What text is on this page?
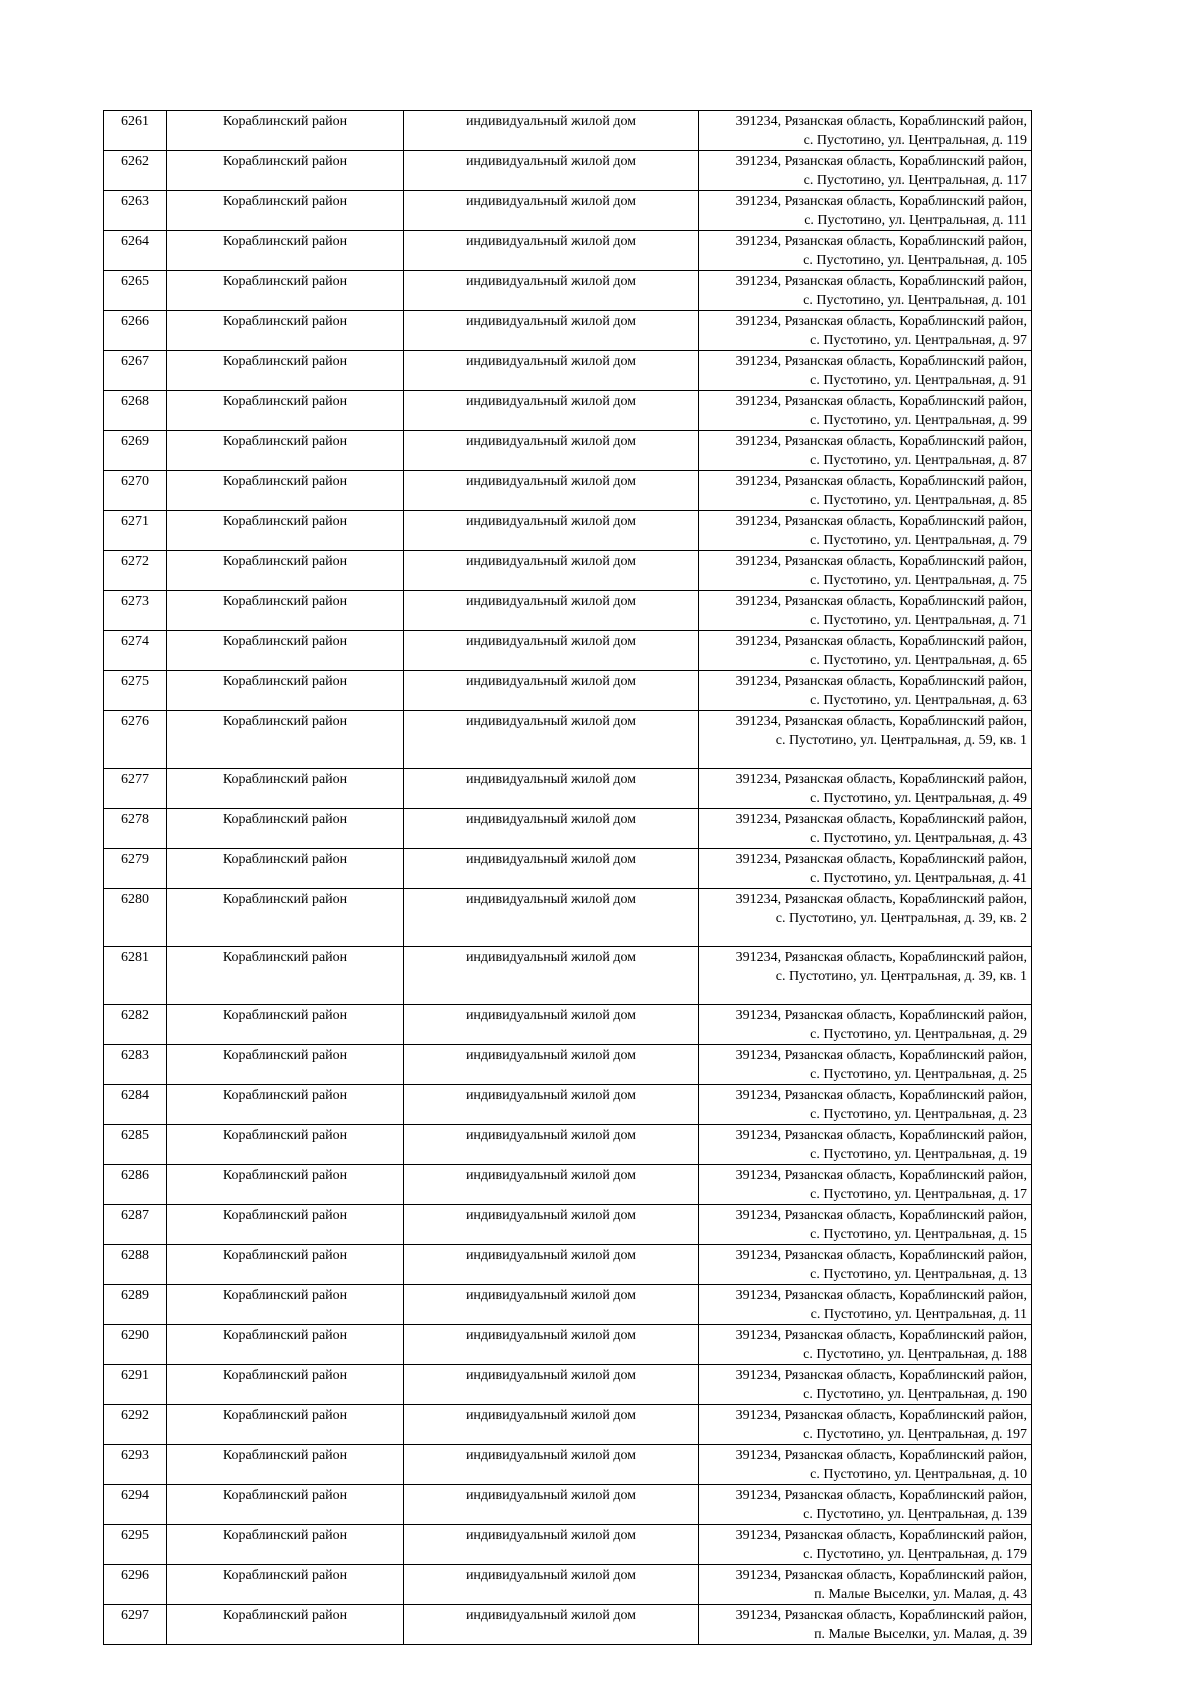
6261	Кораблинский район	индивидуальный жилой дом	391234, Рязанская область, Кораблинский район,
с. Пустотино, ул. Центральная, д. 119

6262	Кораблинский район	индивидуальный жилой дом	391234, Рязанская область, Кораблинский район,
с. Пустотино, ул. Центральная, д. 117

6263	Кораблинский район	индивидуальный жилой дом	391234, Рязанская область, Кораблинский район,
с. Пустотино, ул. Центральная, д. 111

6264	Кораблинский район	индивидуальный жилой дом	391234, Рязанская область, Кораблинский район,
с. Пустотино, ул. Центральная, д. 105

6265	Кораблинский район	индивидуальный жилой дом	391234, Рязанская область, Кораблинский район,
с. Пустотино, ул. Центральная, д. 101

6266	Кораблинский район	индивидуальный жилой дом	391234, Рязанская область, Кораблинский район,
с. Пустотино, ул. Центральная, д. 97

6267	Кораблинский район	индивидуальный жилой дом	391234, Рязанская область, Кораблинский район,
с. Пустотино, ул. Центральная, д. 91

6268	Кораблинский район	индивидуальный жилой дом	391234, Рязанская область, Кораблинский район,
с. Пустотино, ул. Центральная, д. 99

6269	Кораблинский район	индивидуальный жилой дом	391234, Рязанская область, Кораблинский район,
с. Пустотино, ул. Центральная, д. 87

6270	Кораблинский район	индивидуальный жилой дом	391234, Рязанская область, Кораблинский район,
с. Пустотино, ул. Центральная, д. 85

6271	Кораблинский район	индивидуальный жилой дом	391234, Рязанская область, Кораблинский район,
с. Пустотино, ул. Центральная, д. 79

6272	Кораблинский район	индивидуальный жилой дом	391234, Рязанская область, Кораблинский район,
с. Пустотино, ул. Центральная, д. 75

6273	Кораблинский район	индивидуальный жилой дом	391234, Рязанская область, Кораблинский район,
с. Пустотино, ул. Центральная, д. 71

6274	Кораблинский район	индивидуальный жилой дом	391234, Рязанская область, Кораблинский район,
с. Пустотино, ул. Центральная, д. 65

6275	Кораблинский район	индивидуальный жилой дом	391234, Рязанская область, Кораблинский район,
с. Пустотино, ул. Центральная, д. 63

6276	Кораблинский район	индивидуальный жилой дом	391234, Рязанская область, Кораблинский район,
с. Пустотино, ул. Центральная, д. 59, кв. 1

6277	Кораблинский район	индивидуальный жилой дом	391234, Рязанская область, Кораблинский район,
с. Пустотино, ул. Центральная, д. 49

6278	Кораблинский район	индивидуальный жилой дом	391234, Рязанская область, Кораблинский район,
с. Пустотино, ул. Центральная, д. 43

6279	Кораблинский район	индивидуальный жилой дом	391234, Рязанская область, Кораблинский район,
с. Пустотино, ул. Центральная, д. 41

6280	Кораблинский район	индивидуальный жилой дом	391234, Рязанская область, Кораблинский район,
с. Пустотино, ул. Центральная, д. 39, кв. 2

6281	Кораблинский район	индивидуальный жилой дом	391234, Рязанская область, Кораблинский район,
с. Пустотино, ул. Центральная, д. 39, кв. 1

6282	Кораблинский район	индивидуальный жилой дом	391234, Рязанская область, Кораблинский район,
с. Пустотино, ул. Центральная, д. 29

6283	Кораблинский район	индивидуальный жилой дом	391234, Рязанская область, Кораблинский район,
с. Пустотино, ул. Центральная, д. 25

6284	Кораблинский район	индивидуальный жилой дом	391234, Рязанская область, Кораблинский район,
с. Пустотино, ул. Центральная, д. 23

6285	Кораблинский район	индивидуальный жилой дом	391234, Рязанская область, Кораблинский район,
с. Пустотино, ул. Центральная, д. 19

6286	Кораблинский район	индивидуальный жилой дом	391234, Рязанская область, Кораблинский район,
с. Пустотино, ул. Центральная, д. 17

6287	Кораблинский район	индивидуальный жилой дом	391234, Рязанская область, Кораблинский район,
с. Пустотино, ул. Центральная, д. 15

6288	Кораблинский район	индивидуальный жилой дом	391234, Рязанская область, Кораблинский район,
с. Пустотино, ул. Центральная, д. 13

6289	Кораблинский район	индивидуальный жилой дом	391234, Рязанская область, Кораблинский район,
с. Пустотино, ул. Центральная, д. 11

6290	Кораблинский район	индивидуальный жилой дом	391234, Рязанская область, Кораблинский район,
с. Пустотино, ул. Центральная, д. 188

6291	Кораблинский район	индивидуальный жилой дом	391234, Рязанская область, Кораблинский район,
с. Пустотино, ул. Центральная, д. 190

6292	Кораблинский район	индивидуальный жилой дом	391234, Рязанская область, Кораблинский район,
с. Пустотино, ул. Центральная, д. 197

6293	Кораблинский район	индивидуальный жилой дом	391234, Рязанская область, Кораблинский район,
с. Пустотино, ул. Центральная, д. 10

6294	Кораблинский район	индивидуальный жилой дом	391234, Рязанская область, Кораблинский район,
с. Пустотино, ул. Центральная, д. 139

6295	Кораблинский район	индивидуальный жилой дом	391234, Рязанская область, Кораблинский район,
с. Пустотино, ул. Центральная, д. 179

6296	Кораблинский район	индивидуальный жилой дом	391234, Рязанская область, Кораблинский район,
п. Малые Выселки, ул. Малая, д. 43

6297	Кораблинский район	индивидуальный жилой дом	391234, Рязанская область, Кораблинский район,
п. Малые Выселки, ул. Малая, д. 39
